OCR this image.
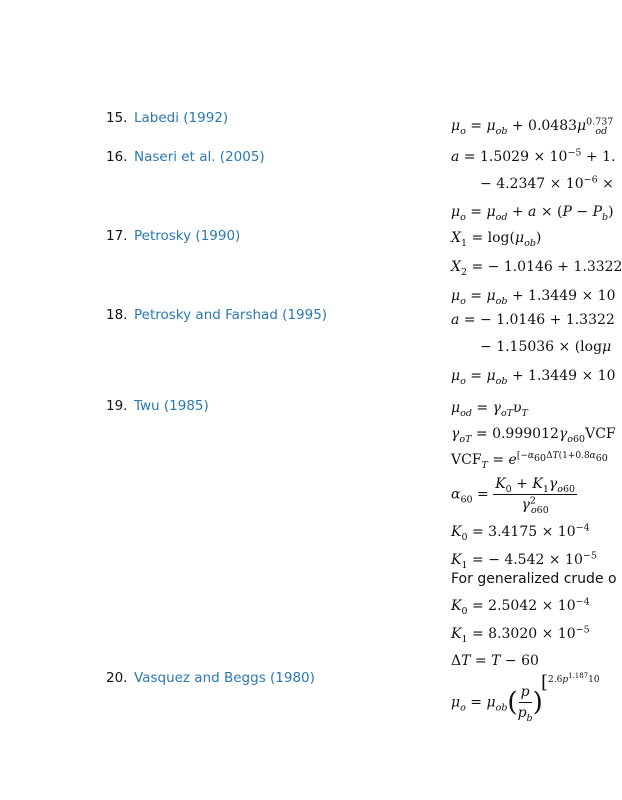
15. Labedi (1992)
16. Naseri et al. (2005)
17. Petrosky (1990)
18. Petrosky and Farshad (1995)
19. Twu (1985)
20. Vasquez and Beggs (1980)
$\mu_o = \mu_{ob} + 0.0483\mu^{0.737}_{od}$
$a = 1.5029 \times 10^{-5} + 1$.
− $4.2347 \times 10^{-6}$ ×
$\mu_o = \mu_{od} + a \times (P - P_b)$
$X_1 = \log(\mu_{ob})$
$X_2$ = − 1.0146 + 1.3322
$\mu_o = \mu_{ob} + 1.3449 \times 10$
a = − 1.0146 + 1.3322
− 1.15036 × (logμ
$\mu_o = \mu_{ob} + 1.3449 \times 10$
$\mu_{od} = \gamma_{oT}\upsilon_T$
$\gamma_{oT} = 0.999012\gamma_{o60}VCF$
$VCF_T = e^{[-\alpha_{60}\Delta T(1+0.8\alpha_{60}}$
$\alpha_{60} = \frac{K_0 + K_1\gamma_{o60}}{\gamma^2_{o60}}$
$K_0 = 3.4175 \times 10^{-4}$
$K_1$ = − $4.542 \times 10^{-5}$
For generalized crude o
$K_0 = 2.5042 \times 10^{-4}$
$K_1 = 8.3020 \times 10^{-5}$
ΔT = T − 60
$\mu_o = \mu_{ob}( \frac{p}{p_b}$ )
[$^{2.6p^{1.187}10}$
